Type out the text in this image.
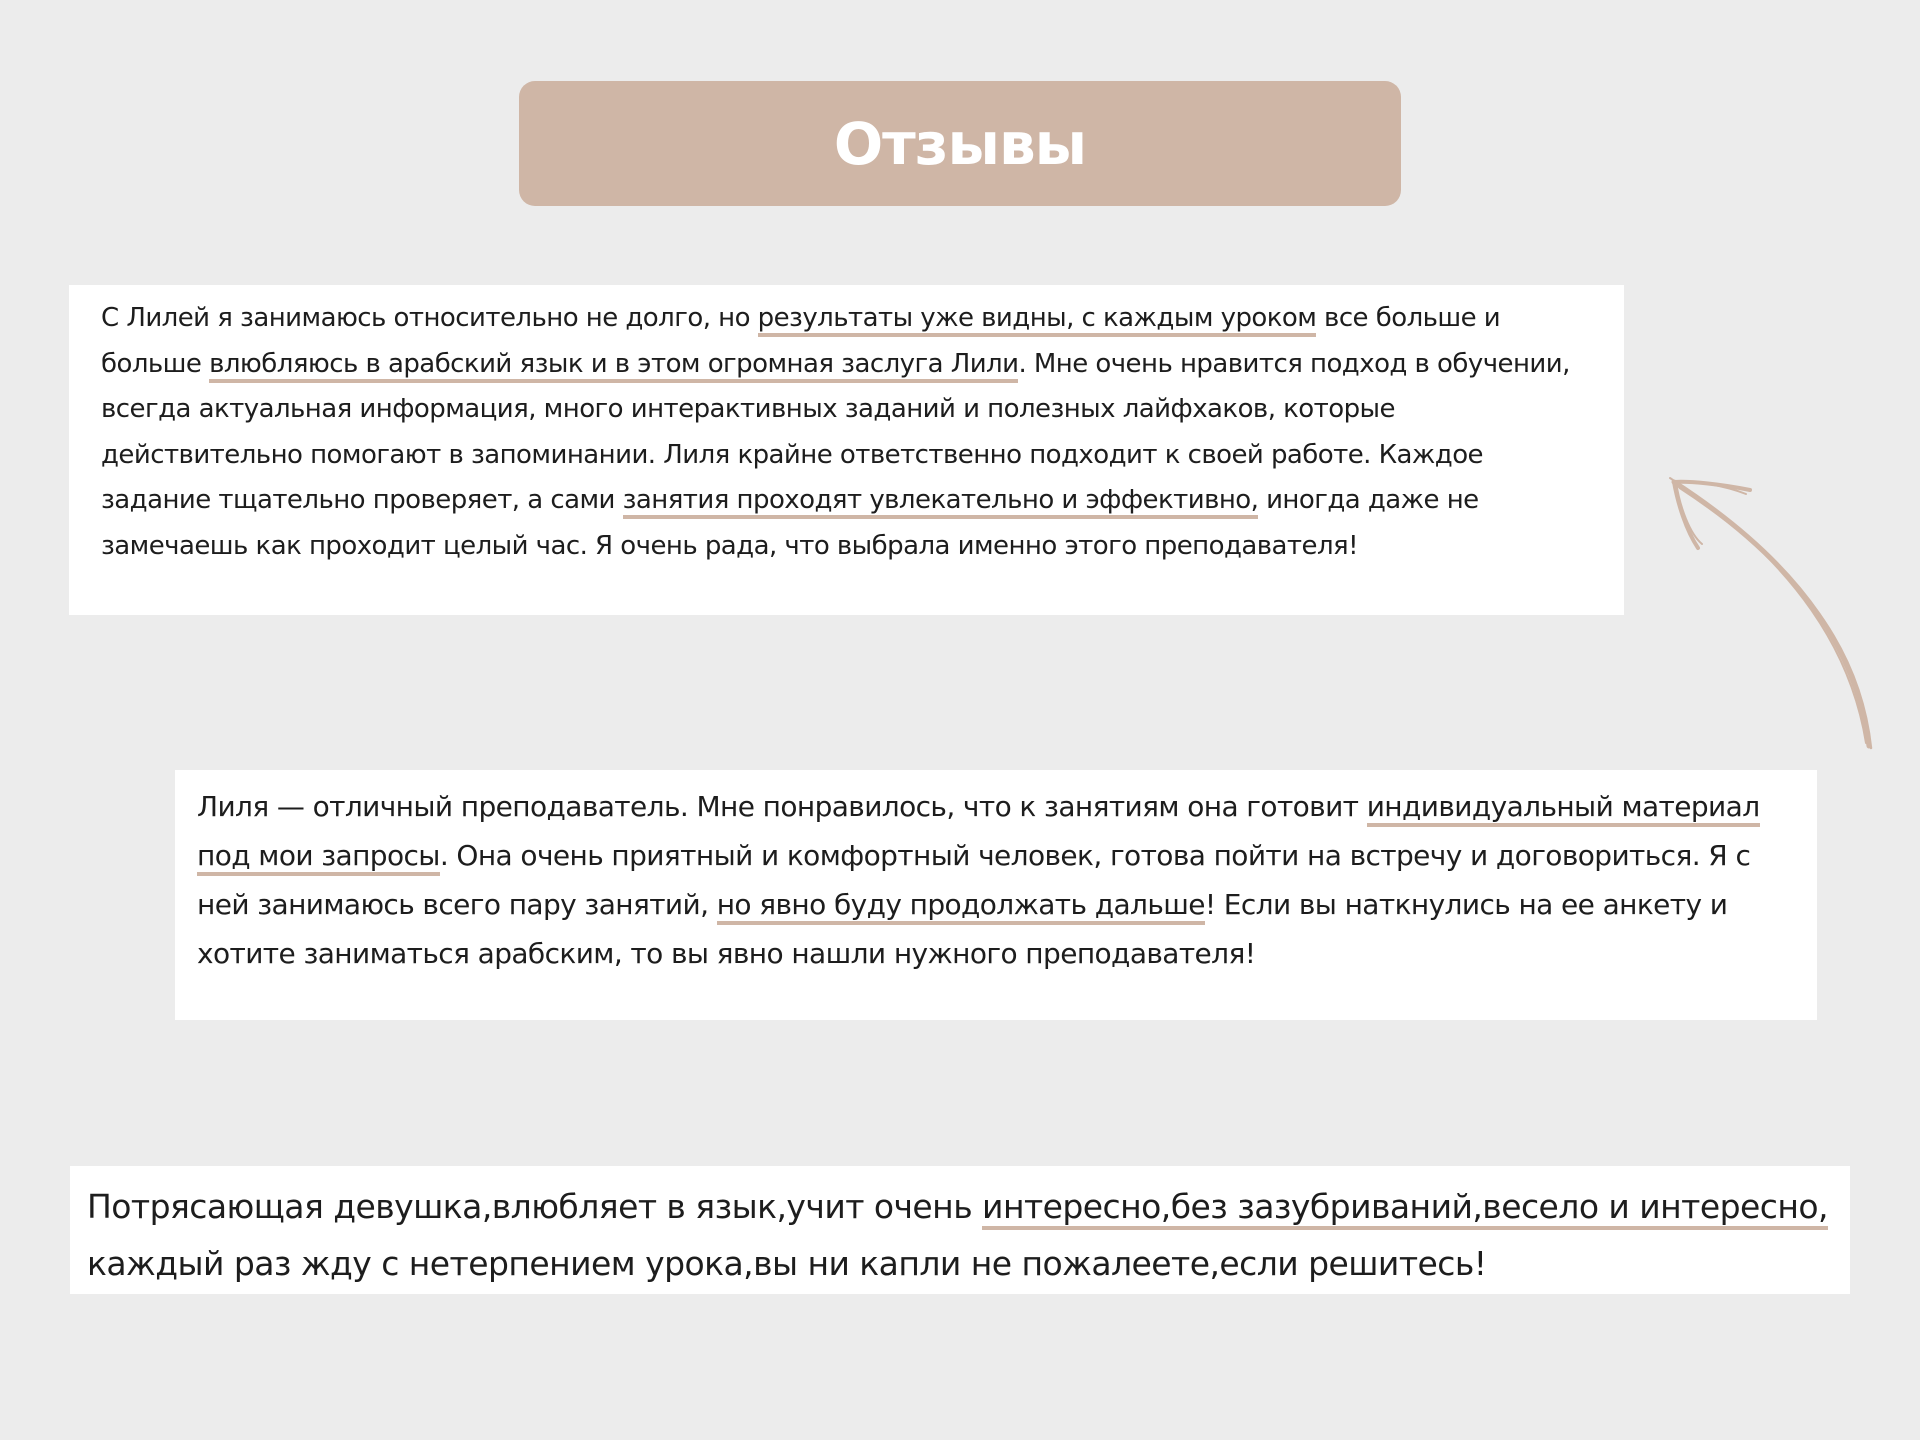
Отзывы

С Лилей я занимаюсь относительно не долго, но результаты уже видны, с каждым уроком все больше и больше влюбляюсь в арабский язык и в этом огромная заслуга Лили. Мне очень нравится подход в обучении, всегда актуальная информация, много интерактивных заданий и полезных лайфхаков, которые действительно помогают в запоминании. Лиля крайне ответственно подходит к своей работе. Каждое задание тщательно проверяет, а сами занятия проходят увлекательно и эффективно, иногда даже не замечаешь как проходит целый час. Я очень рада, что выбрала именно этого преподавателя!

Лиля — отличный преподаватель. Мне понравилось, что к занятиям она готовит индивидуальный материал под мои запросы. Она очень приятный и комфортный человек, готова пойти на встречу и договориться. Я с ней занимаюсь всего пару занятий, но явно буду продолжать дальше! Если вы наткнулись на ее анкету и хотите заниматься арабским, то вы явно нашли нужного преподавателя!

Потрясающая девушка,влюбляет в язык,учит очень интересно,без зазубриваний,весело и интересно, каждый раз жду с нетерпением урока,вы ни капли не пожалеете,если решитесь!
